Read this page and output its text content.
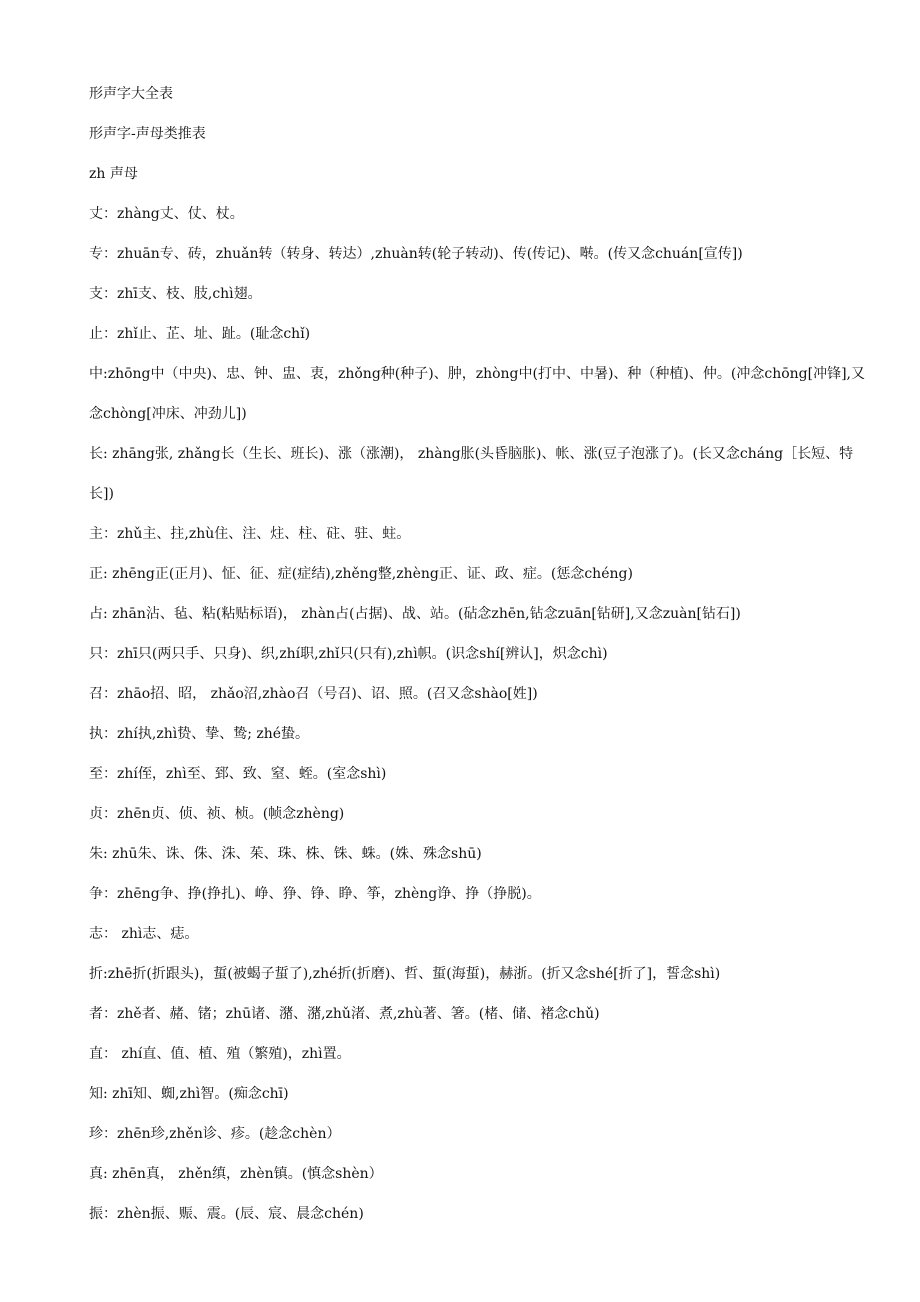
形声字大全表
形声字-声母类推表
zh 声母
丈：zhàng丈、仗、杖。
专：zhuān专、砖，zhuǎn转（转身、转达）,zhuàn转(轮子转动)、传(传记)、啭。(传又念chuán[宣传])
支：zhī支、枝、肢,chì翅。
止：zhǐ止、芷、址、趾。(耻念chǐ)
中:zhōng中（中央)、忠、钟、盅、衷，zhǒng种(种子)、肿，zhòng中(打中、中暑)、种（种植)、仲。(冲念chōng[冲锋],又念chòng[冲床、冲劲儿])
长: zhāng张, zhǎng长（生长、班长)、涨（涨潮)， zhàng胀(头昏脑胀)、帐、涨(豆子泡涨了)。(长又念cháng［长短、特长])
主：zhǔ主、拄,zhù住、注、炷、柱、砫、驻、蛀。
正: zhēng正(正月)、怔、征、症(症结),zhěng整,zhèng正、证、政、症。(惩念chéng)
占: zhān沾、毡、粘(粘贴标语)， zhàn占(占据)、战、站。(砧念zhēn,钻念zuān[钻研],又念zuàn[钻石])
只：zhī只(两只手、只身)、织,zhí职,zhǐ只(只有),zhì帜。(识念shí[辨认]，炽念chì)
召：zhāo招、昭， zhǎo沼,zhào召（号召)、诏、照。(召又念shào[姓])
执：zhí执,zhì贽、挚、鸷; zhé蛰。
至：zhí侄，zhì至、郅、致、窒、蛭。(室念shì)
贞：zhēn贞、侦、祯、桢。(帧念zhèng)
朱: zhū朱、诛、侏、洙、茱、珠、株、铢、蛛。(姝、殊念shū)
争：zhēng争、挣(挣扎)、峥、狰、铮、睁、筝，zhèng诤、挣（挣脱)。
志： zhì志、痣。
折:zhē折(折跟头)，蜇(被蝎子蜇了),zhé折(折磨)、哲、蜇(海蜇)，赫浙。(折又念shé[折了]，誓念shì)
者：zhě者、赭、锗；zhū诸、潴、潴,zhǔ渚、煮,zhù著、箸。(楮、储、褚念chǔ)
直： zhí直、值、植、殖（繁殖)，zhì置。
知: zhī知、蜘,zhì智。(痴念chī)
珍：zhēn珍,zhěn诊、疹。(趁念chèn）
真: zhēn真， zhěn缜，zhèn镇。(慎念shèn）
振：zhèn振、赈、震。(辰、宸、晨念chén)
